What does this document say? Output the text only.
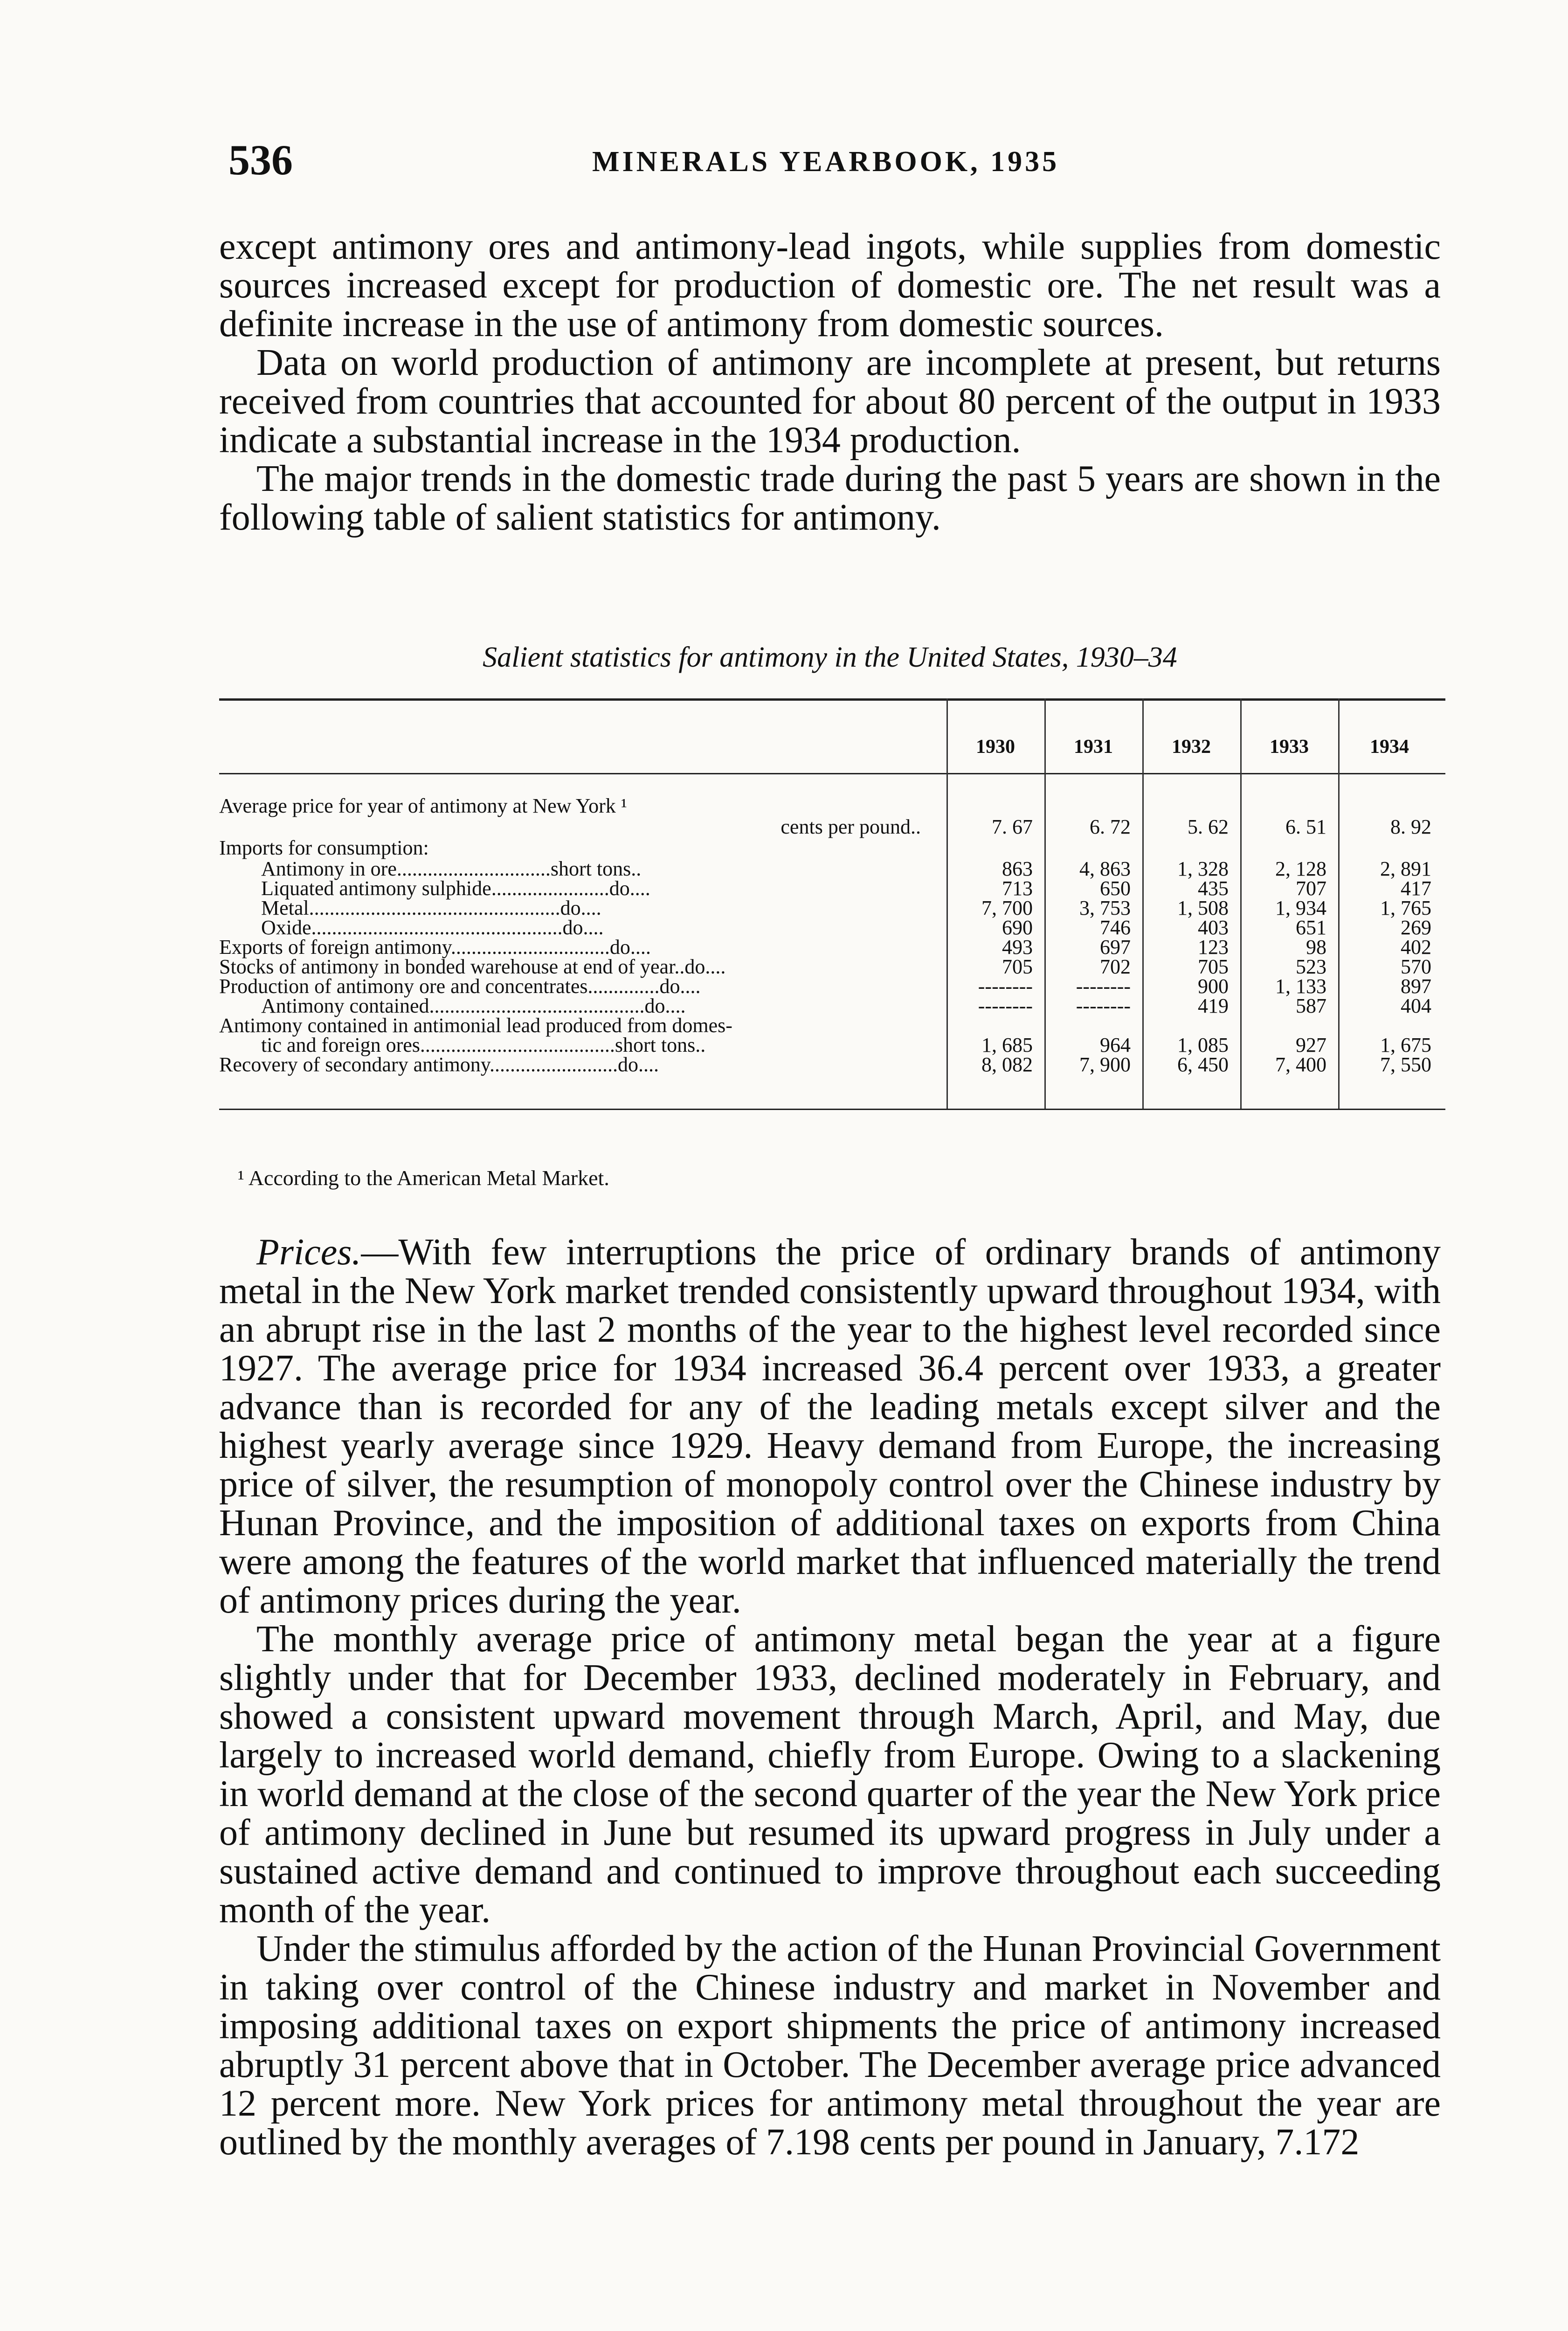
536	MINERALS YEARBOOK, 1935

except antimony ores and antimony-lead ingots, while supplies from domestic sources increased except for production of domestic ore. The net result was a definite increase in the use of antimony from domestic sources.

Data on world production of antimony are incomplete at present, but returns received from countries that accounted for about 80 percent of the output in 1933 indicate a substantial increase in the 1934 production.

The major trends in the domestic trade during the past 5 years are shown in the following table of salient statistics for antimony.

Salient statistics for antimony in the United States, 1930–34
1930	1931	1932	1933	1934
Average price for year of antimony at New York ¹
cents per pound..	7. 67	6. 72	5. 62	6. 51	8. 92
Imports for consumption:
Antimony in ore..............................short tons..	863	4, 863	1, 328	2, 128	2, 891
Liquated antimony sulphide.......................do....	713	650	435	707	417
Metal.................................................do....	7, 700	3, 753	1, 508	1, 934	1, 765
Oxide.................................................do....	690	746	403	651	269
Exports of foreign antimony...............................do....	493	697	123	98	402
Stocks of antimony in bonded warehouse at end of year..do....	705	702	705	523	570
Production of antimony ore and concentrates..............do....	--------	--------	900	1, 133	897
Antimony contained..........................................do....	--------	--------	419	587	404
Antimony contained in antimonial lead produced from domes-
tic and foreign ores......................................short tons..	1, 685	964	1, 085	927	1, 675
Recovery of secondary antimony.........................do....	8, 082	7, 900	6, 450	7, 400	7, 550
¹ According to the American Metal Market.

Prices.—With few interruptions the price of ordinary brands of antimony metal in the New York market trended consistently upward throughout 1934, with an abrupt rise in the last 2 months of the year to the highest level recorded since 1927. The average price for 1934 increased 36.4 percent over 1933, a greater advance than is recorded for any of the leading metals except silver and the highest yearly average since 1929. Heavy demand from Europe, the increasing price of silver, the resumption of monopoly control over the Chinese industry by Hunan Province, and the imposition of additional taxes on exports from China were among the features of the world market that influenced materially the trend of antimony prices during the year.

The monthly average price of antimony metal began the year at a figure slightly under that for December 1933, declined moderately in February, and showed a consistent upward movement through March, April, and May, due largely to increased world demand, chiefly from Europe. Owing to a slackening in world demand at the close of the second quarter of the year the New York price of antimony declined in June but resumed its upward progress in July under a sustained active demand and continued to improve throughout each succeeding month of the year.

Under the stimulus afforded by the action of the Hunan Provincial Government in taking over control of the Chinese industry and market in November and imposing additional taxes on export shipments the price of antimony increased abruptly 31 percent above that in October. The December average price advanced 12 percent more. New York prices for antimony metal throughout the year are outlined by the monthly averages of 7.198 cents per pound in January, 7.172
